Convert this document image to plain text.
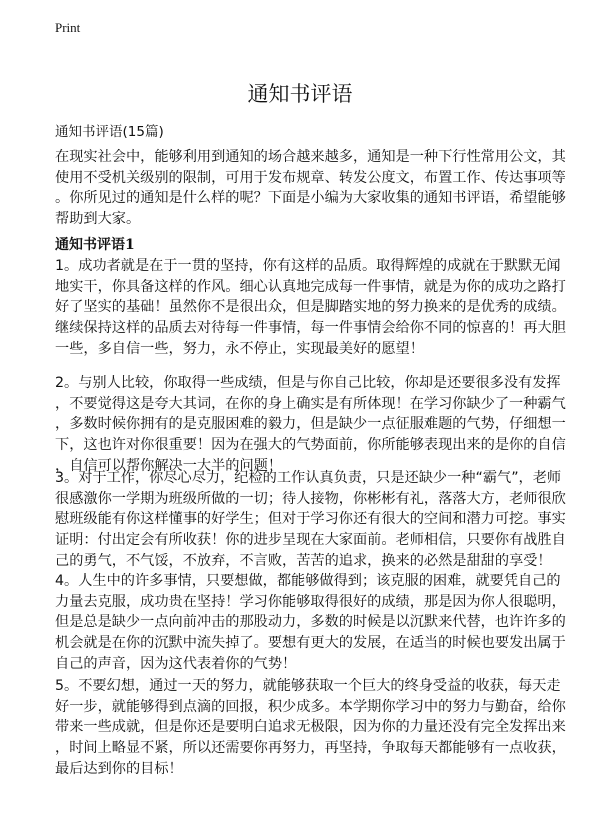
Print
通知书评语
通知书评语(15篇)
在现实社会中，能够利用到通知的场合越来越多，通知是一种下行性常用公文，其
使用不受机关级别的限制，可用于发布规章、转发公度文，布置工作、传达事项等
。你所见过的通知是什么样的呢？下面是小编为大家收集的通知书评语，希望能够
帮助到大家。
通知书评语1
1。成功者就是在于一贯的坚持，你有这样的品质。取得辉煌的成就在于默默无闻
地实干，你具备这样的作风。细心认真地完成每一件事情，就是为你的成功之路打
好了坚实的基础！虽然你不是很出众，但是脚踏实地的努力换来的是优秀的成绩。
继续保持这样的品质去对待每一件事情，每一件事情会给你不同的惊喜的！再大胆
一些，多自信一些，努力，永不停止，实现最美好的愿望！
2。与别人比较，你取得一些成绩，但是与你自己比较，你却是还要很多没有发挥
，不要觉得这是夸大其词，在你的身上确实是有所体现！在学习你缺少了一种霸气
，多数时候你拥有的是克服困难的毅力，但是缺少一点征服难题的气势，仔细想一
下，这也许对你很重要！因为在强大的气势面前，你所能够表现出来的是你的自信
，自信可以帮你解决一大半的问题！
3。对于工作，你尽心尽力，纪检的工作认真负责，只是还缺少一种“霸气”，老师
很感激你一学期为班级所做的一切；待人接物，你彬彬有礼，落落大方，老师很欣
慰班级能有你这样懂事的好学生；但对于学习你还有很大的空间和潜力可挖。事实
证明：付出定会有所收获！你的进步呈现在大家面前。老师相信，只要你有战胜自
己的勇气，不气馁，不放弃，不言败，苦苦的追求，换来的必然是甜甜的享受！
4。人生中的许多事情，只要想做，都能够做得到；该克服的困难，就要凭自己的
力量去克服，成功贵在坚持！学习你能够取得很好的成绩，那是因为你人很聪明，
但是总是缺少一点向前冲击的那股动力，多数的时候是以沉默来代替，也许许多的
机会就是在你的沉默中流失掉了。要想有更大的发展，在适当的时候也要发出属于
自己的声音，因为这代表着你的气势！
5。不要幻想，通过一天的努力，就能够获取一个巨大的终身受益的收获，每天走
好一步，就能够得到点滴的回报，积少成多。本学期你学习中的努力与勤奋，给你
带来一些成就，但是你还是要明白追求无极限，因为你的力量还没有完全发挥出来
，时间上略显不紧，所以还需要你再努力，再坚持，争取每天都能够有一点收获，
最后达到你的目标！
